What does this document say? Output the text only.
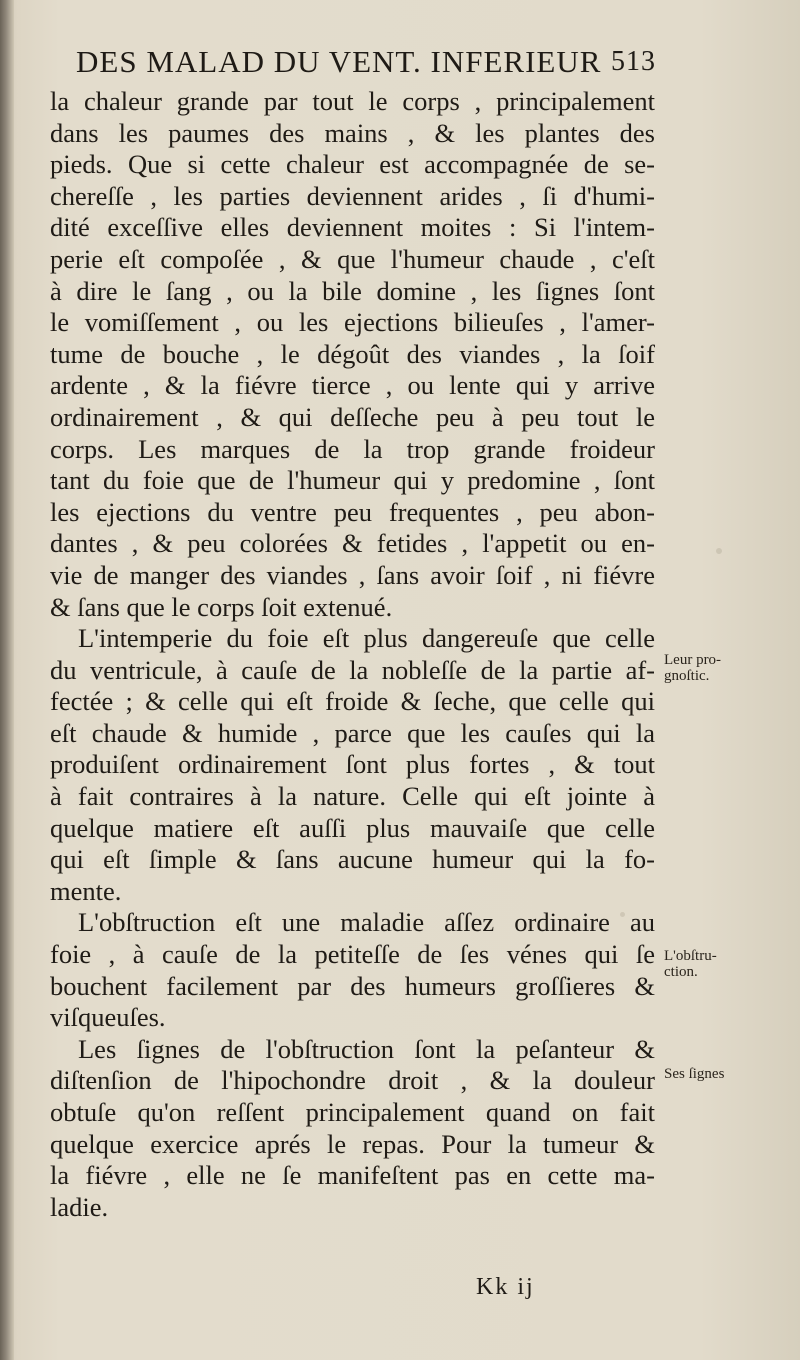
DES MALAD DU VENT. INFERIEUR 513
la chaleur grande par tout le corps , principalement
dans les paumes des mains , & les plantes des
pieds. Que si cette chaleur est accompagnée de se-
chereſſe , les parties deviennent arides , ſi d'humi-
dité exceſſive elles deviennent moites : Si l'intem-
perie eſt compoſée , & que l'humeur chaude , c'eſt
à dire le ſang , ou la bile domine , les ſignes ſont
le vomiſſement , ou les ejections bilieuſes , l'amer-
tume de bouche , le dégoût des viandes , la ſoif
ardente , & la fiévre tierce , ou lente qui y arrive
ordinairement , & qui deſſeche peu à peu tout le
corps. Les marques de la trop grande froideur
tant du foie que de l'humeur qui y predomine , ſont
les ejections du ventre peu frequentes , peu abon-
dantes , & peu colorées & fetides , l'appetit ou en-
vie de manger des viandes , ſans avoir ſoif , ni fiévre
& ſans que le corps ſoit extenué.
L'intemperie du foie eſt plus dangereuſe que celle
du ventricule, à cauſe de la nobleſſe de la partie af-
fectée ; & celle qui eſt froide & ſeche, que celle qui
eſt chaude & humide , parce que les cauſes qui la
produiſent ordinairement ſont plus fortes , & tout
à fait contraires à la nature. Celle qui eſt jointe à
quelque matiere eſt auſſi plus mauvaiſe que celle
qui eſt ſimple & ſans aucune humeur qui la fo-
mente.
L'obſtruction eſt une maladie aſſez ordinaire au
foie , à cauſe de la petiteſſe de ſes vénes qui ſe
bouchent facilement par des humeurs groſſieres &
viſqueuſes.
Les ſignes de l'obſtruction ſont la peſanteur &
diſtenſion de l'hipochondre droit , & la douleur
obtuſe qu'on reſſent principalement quand on fait
quelque exercice aprés le repas. Pour la tumeur &
la fiévre , elle ne ſe manifeſtent pas en cette ma-
ladie.
Leur pro-
gnoſtic.
L'obſtru-
ction.
Ses ſignes
Kk ij
